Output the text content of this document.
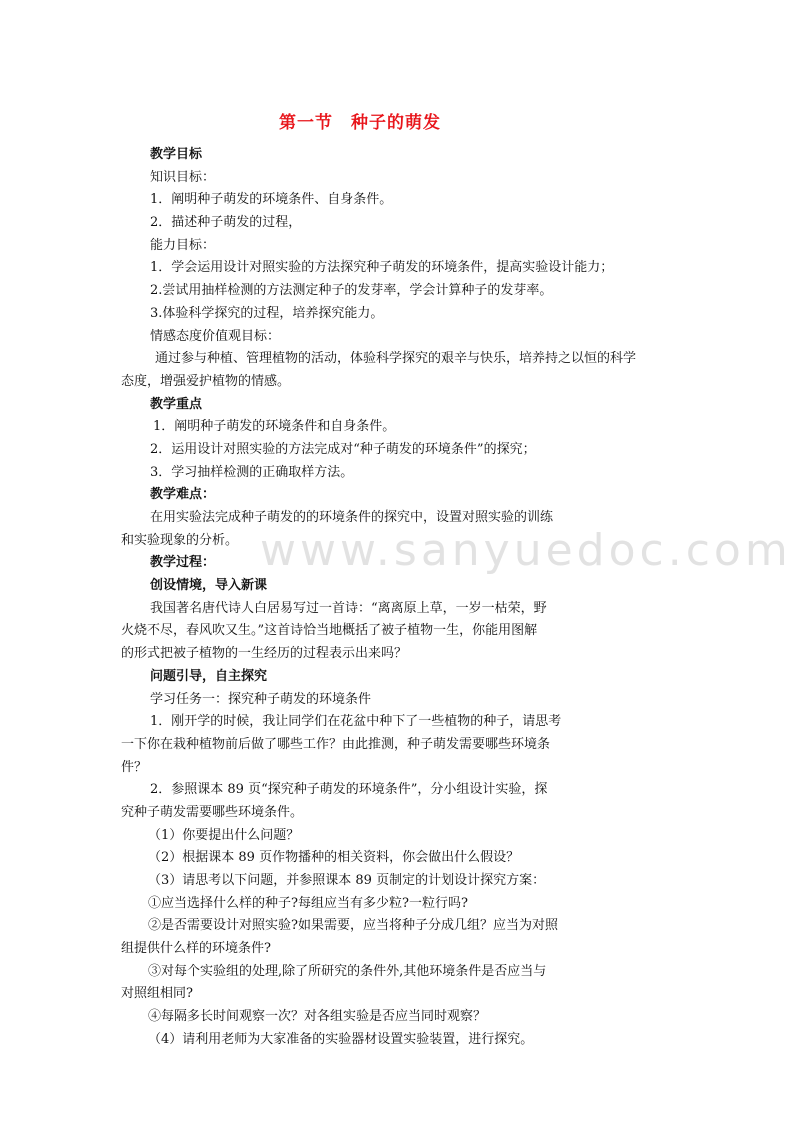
第一节　种子的萌发
教学目标
知识目标：
1．阐明种子萌发的环境条件、自身条件。
2．描述种子萌发的过程，
能力目标：
1．学会运用设计对照实验的方法探究种子萌发的环境条件，提高实验设计能力；
2.尝试用抽样检测的方法测定种子的发芽率，学会计算种子的发芽率。
3.体验科学探究的过程，培养探究能力。
情感态度价值观目标：
通过参与种植、管理植物的活动，体验科学探究的艰辛与快乐，培养持之以恒的科学
态度，增强爱护植物的情感。
教学重点
1．阐明种子萌发的环境条件和自身条件。
2．运用设计对照实验的方法完成对“种子萌发的环境条件”的探究；
3．学习抽样检测的正确取样方法。
教学难点：
在用实验法完成种子萌发的的环境条件的探究中，设置对照实验的训练
和实验现象的分析。
教学过程：
创设情境，导入新课
我国著名唐代诗人白居易写过一首诗：“离离原上草，一岁一枯荣，野
火烧不尽，春风吹又生。”这首诗恰当地概括了被子植物一生，你能用图解
的形式把被子植物的一生经历的过程表示出来吗？
问题引导，自主探究
学习任务一：探究种子萌发的环境条件
1．刚开学的时候，我让同学们在花盆中种下了一些植物的种子，请思考
一下你在栽种植物前后做了哪些工作？由此推测，种子萌发需要哪些环境条
件？
2．参照课本 89 页“探究种子萌发的环境条件”，分小组设计实验，探
究种子萌发需要哪些环境条件。
（1）你要提出什么问题？
（2）根据课本 89 页作物播种的相关资料，你会做出什么假设？
（3）请思考以下问题，并参照课本 89 页制定的计划设计探究方案：
①应当选择什么样的种子?每组应当有多少粒?一粒行吗?
②是否需要设计对照实验?如果需要，应当将种子分成几组？应当为对照
组提供什么样的环境条件?
③对每个实验组的处理,除了所研究的条件外,其他环境条件是否应当与
对照组相同?
④每隔多长时间观察一次？对各组实验是否应当同时观察？
（4）请利用老师为大家准备的实验器材设置实验装置，进行探究。
www.sanyuedoc.com
